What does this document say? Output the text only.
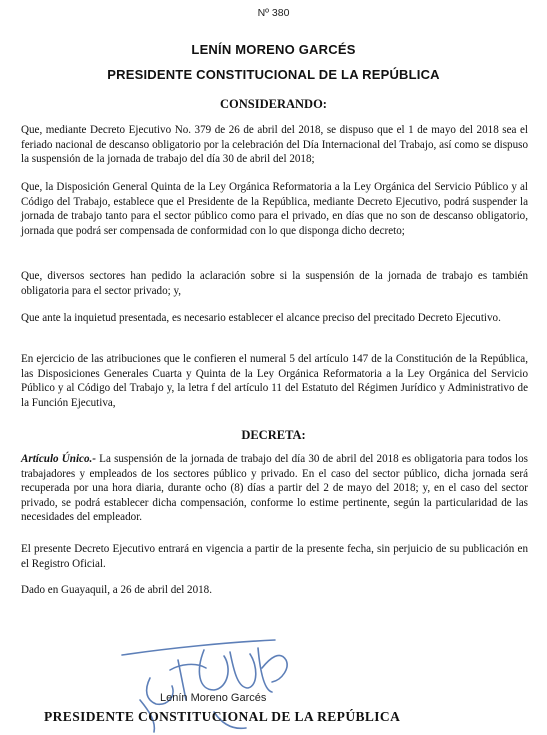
Nº 380
LENÍN MORENO GARCÉS
PRESIDENTE CONSTITUCIONAL DE LA REPÚBLICA
CONSIDERANDO:

Que, mediante Decreto Ejecutivo No. 379 de 26 de abril del 2018, se dispuso que el 1 de mayo del 2018 sea el feriado nacional de descanso obligatorio por la celebración del Día Internacional del Trabajo, así como se dispuso la suspensión de la jornada de trabajo del día 30 de abril del 2018;

Que, la Disposición General Quinta de la Ley Orgánica Reformatoria a la Ley Orgánica del Servicio Público y al Código del Trabajo, establece que el Presidente de la República, mediante Decreto Ejecutivo, podrá suspender la jornada de trabajo tanto para el sector público como para el privado, en días que no son de descanso obligatorio, jornada que podrá ser compensada de conformidad con lo que disponga dicho decreto;

Que, diversos sectores han pedido la aclaración sobre si la suspensión de la jornada de trabajo es también obligatoria para el sector privado; y,

Que ante la inquietud presentada, es necesario establecer el alcance preciso del precitado Decreto Ejecutivo.

En ejercicio de las atribuciones que le confieren el numeral 5 del artículo 147 de la Constitución de la República, las Disposiciones Generales Cuarta y Quinta de la Ley Orgánica Reformatoria a la Ley Orgánica del Servicio Público y al Código del Trabajo y, la letra f del artículo 11 del Estatuto del Régimen Jurídico y Administrativo de la Función Ejecutiva,

DECRETA:

Artículo Único.- La suspensión de la jornada de trabajo del día 30 de abril del 2018 es obligatoria para todos los trabajadores y empleados de los sectores público y privado. En el caso del sector público, dicha jornada será recuperada por una hora diaria, durante ocho (8) días a partir del 2 de mayo del 2018; y, en el caso del sector privado, se podrá establecer dicha compensación, conforme lo estime pertinente, según la particularidad de las necesidades del empleador.

El presente Decreto Ejecutivo entrará en vigencia a partir de la presente fecha, sin perjuicio de su publicación en el Registro Oficial.

Dado en Guayaquil, a 26 de abril del 2018.

Lenín Moreno Garcés
PRESIDENTE CONSTITUCIONAL DE LA REPÚBLICA
